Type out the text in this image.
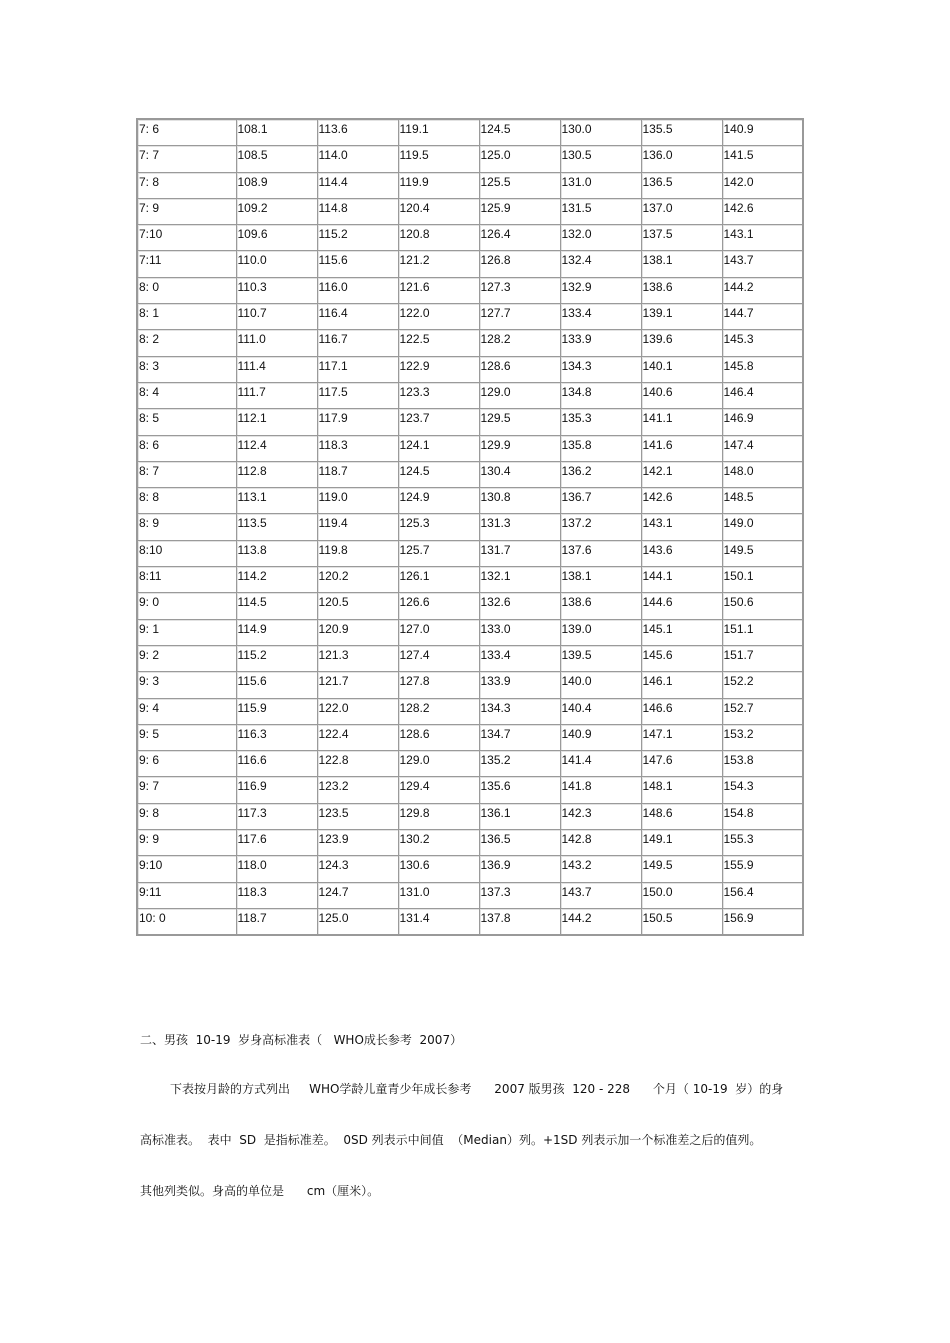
7: 6	108.1	113.6	119.1	124.5	130.0	135.5	140.9
7: 7	108.5	114.0	119.5	125.0	130.5	136.0	141.5
7: 8	108.9	114.4	119.9	125.5	131.0	136.5	142.0
7: 9	109.2	114.8	120.4	125.9	131.5	137.0	142.6
7:10	109.6	115.2	120.8	126.4	132.0	137.5	143.1
7:11	110.0	115.6	121.2	126.8	132.4	138.1	143.7
8: 0	110.3	116.0	121.6	127.3	132.9	138.6	144.2
8: 1	110.7	116.4	122.0	127.7	133.4	139.1	144.7
8: 2	111.0	116.7	122.5	128.2	133.9	139.6	145.3
8: 3	111.4	117.1	122.9	128.6	134.3	140.1	145.8
8: 4	111.7	117.5	123.3	129.0	134.8	140.6	146.4
8: 5	112.1	117.9	123.7	129.5	135.3	141.1	146.9
8: 6	112.4	118.3	124.1	129.9	135.8	141.6	147.4
8: 7	112.8	118.7	124.5	130.4	136.2	142.1	148.0
8: 8	113.1	119.0	124.9	130.8	136.7	142.6	148.5
8: 9	113.5	119.4	125.3	131.3	137.2	143.1	149.0
8:10	113.8	119.8	125.7	131.7	137.6	143.6	149.5
8:11	114.2	120.2	126.1	132.1	138.1	144.1	150.1
9: 0	114.5	120.5	126.6	132.6	138.6	144.6	150.6
9: 1	114.9	120.9	127.0	133.0	139.0	145.1	151.1
9: 2	115.2	121.3	127.4	133.4	139.5	145.6	151.7
9: 3	115.6	121.7	127.8	133.9	140.0	146.1	152.2
9: 4	115.9	122.0	128.2	134.3	140.4	146.6	152.7
9: 5	116.3	122.4	128.6	134.7	140.9	147.1	153.2
9: 6	116.6	122.8	129.0	135.2	141.4	147.6	153.8
9: 7	116.9	123.2	129.4	135.6	141.8	148.1	154.3
9: 8	117.3	123.5	129.8	136.1	142.3	148.6	154.8
9: 9	117.6	123.9	130.2	136.5	142.8	149.1	155.3
9:10	118.0	124.3	130.6	136.9	143.2	149.5	155.9
9:11	118.3	124.7	131.0	137.3	143.7	150.0	156.4
10: 0	118.7	125.0	131.4	137.8	144.2	150.5	156.9
二、男孩  10-19  岁身高标准表（   WHO成长参考  2007）
下表按月龄的方式列出     WHO学龄儿童青少年成长参考      2007 版男孩  120 - 228      个月（ 10-19  岁）的身
高标准表。  表中  SD  是指标准差。  0SD 列表示中间值  （Median）列。+1SD 列表示加一个标准差之后的值列。
其他列类似。身高的单位是      cm（厘米）。
